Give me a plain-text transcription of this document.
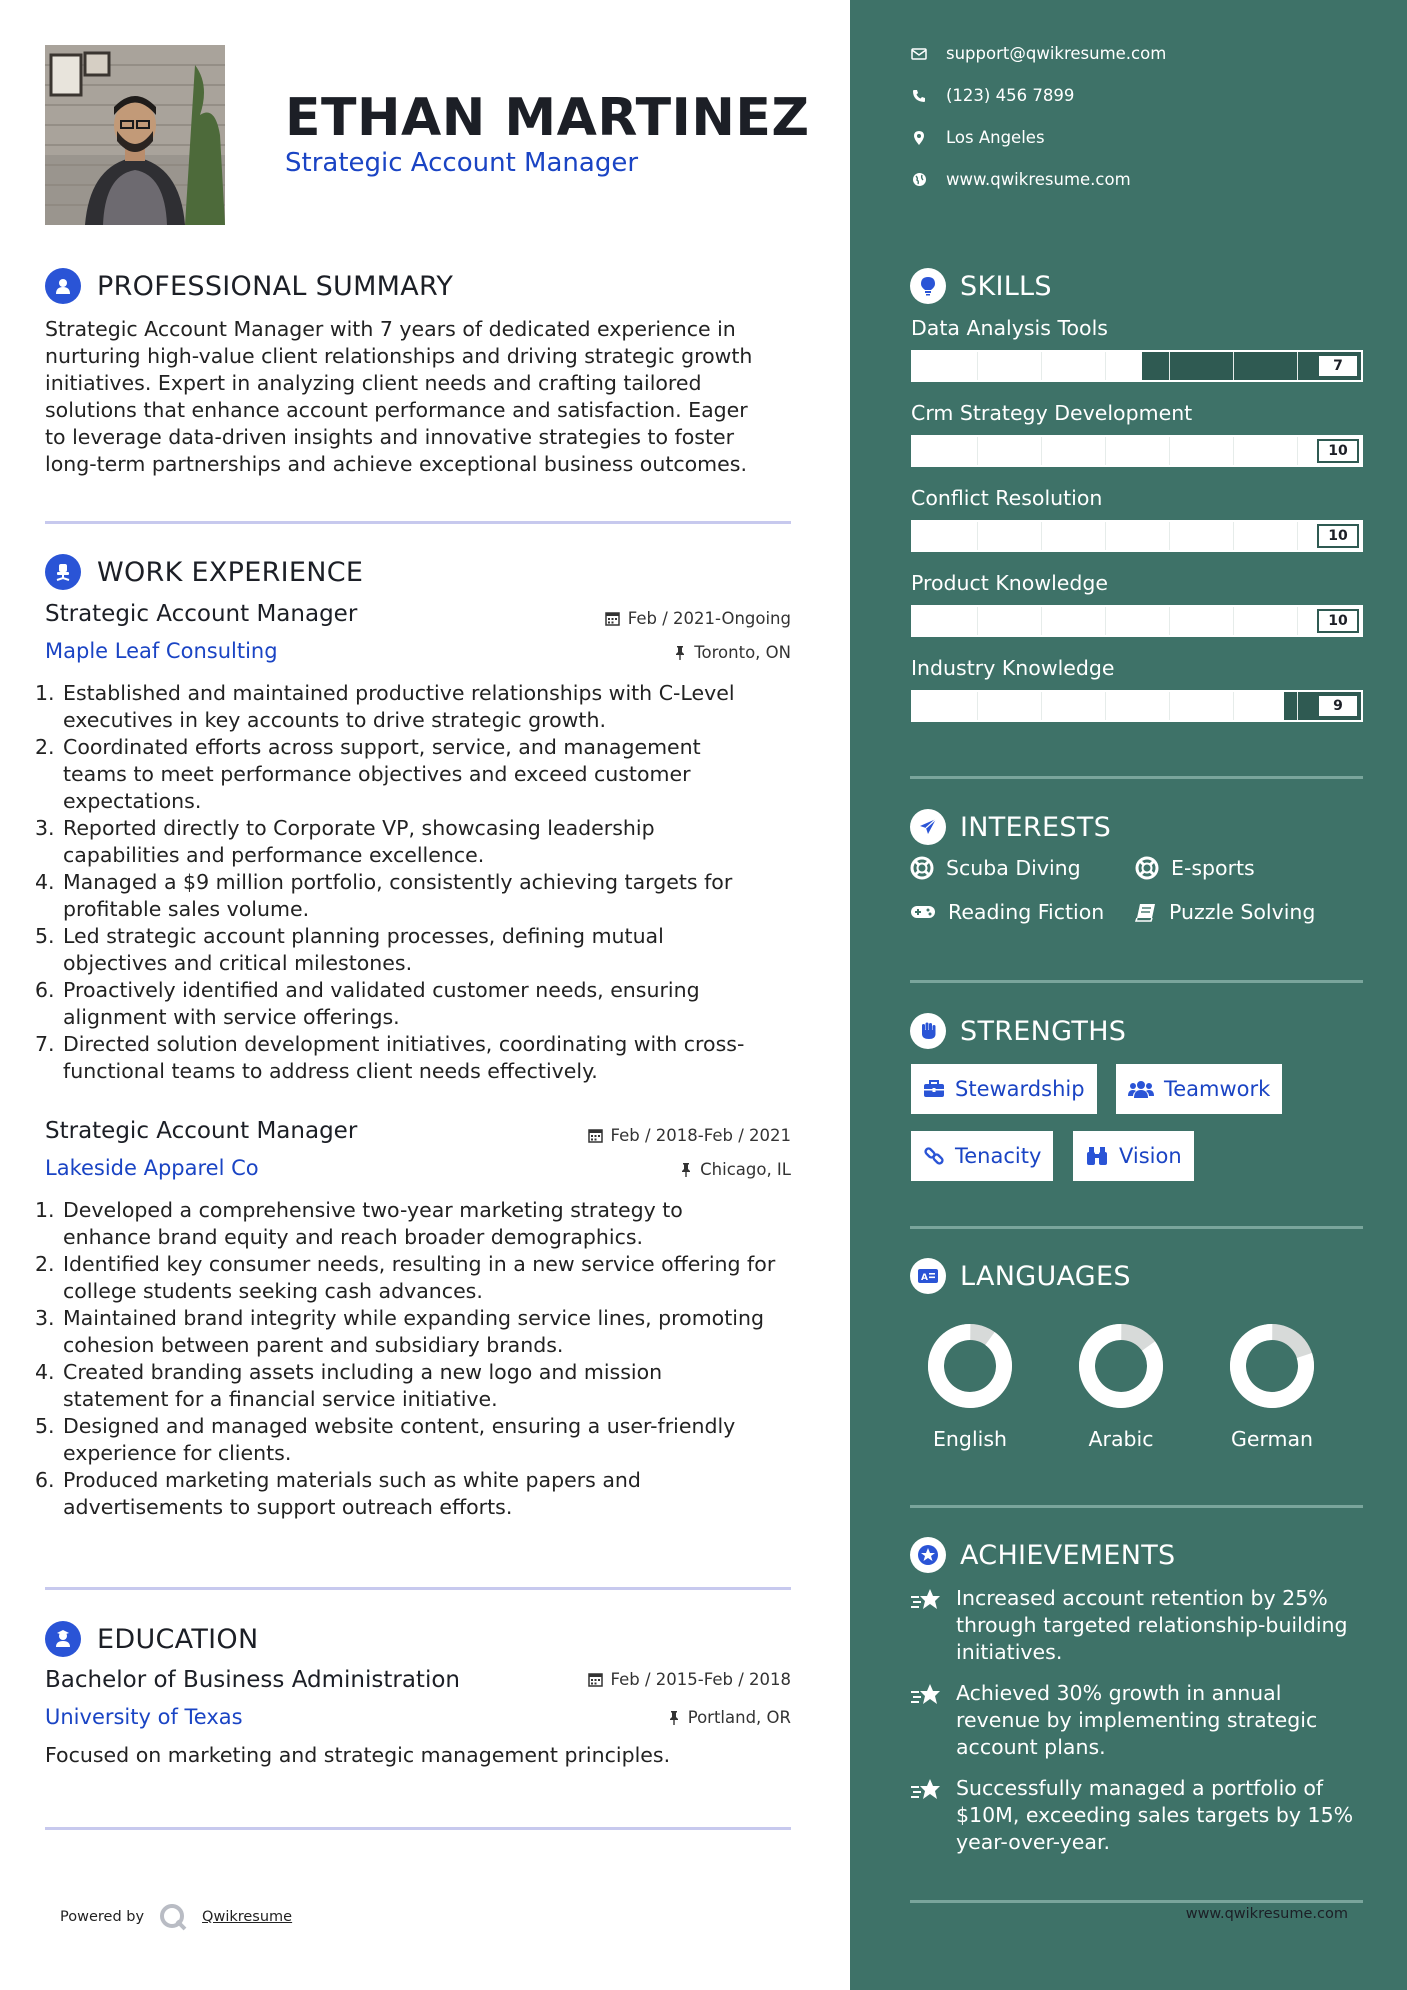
ETHAN MARTINEZ
Strategic Account Manager
PROFESSIONAL SUMMARY
Strategic Account Manager with 7 years of dedicated experience in
nurturing high-value client relationships and driving strategic growth
initiatives. Expert in analyzing client needs and crafting tailored
solutions that enhance account performance and satisfaction. Eager
to leverage data-driven insights and innovative strategies to foster
long-term partnerships and achieve exceptional business outcomes.
WORK EXPERIENCE
Strategic Account Manager	Feb / 2021-Ongoing
Maple Leaf Consulting	Toronto, ON
1. Established and maintained productive relationships with C-Level
executives in key accounts to drive strategic growth.
2. Coordinated efforts across support, service, and management
teams to meet performance objectives and exceed customer
expectations.
3. Reported directly to Corporate VP, showcasing leadership
capabilities and performance excellence.
4. Managed a $9 million portfolio, consistently achieving targets for
profitable sales volume.
5. Led strategic account planning processes, defining mutual
objectives and critical milestones.
6. Proactively identified and validated customer needs, ensuring
alignment with service offerings.
7. Directed solution development initiatives, coordinating with cross-
functional teams to address client needs effectively.
Strategic Account Manager	Feb / 2018-Feb / 2021
Lakeside Apparel Co	Chicago, IL
1. Developed a comprehensive two-year marketing strategy to
enhance brand equity and reach broader demographics.
2. Identified key consumer needs, resulting in a new service offering for
college students seeking cash advances.
3. Maintained brand integrity while expanding service lines, promoting
cohesion between parent and subsidiary brands.
4. Created branding assets including a new logo and mission
statement for a financial service initiative.
5. Designed and managed website content, ensuring a user-friendly
experience for clients.
6. Produced marketing materials such as white papers and
advertisements to support outreach efforts.
EDUCATION
Bachelor of Business Administration	Feb / 2015-Feb / 2018
University of Texas	Portland, OR
Focused on marketing and strategic management principles.
Powered by	Qwikresume
support@qwikresume.com
(123) 456 7899
Los Angeles
www.qwikresume.com
SKILLS
INTERESTS
Scuba Diving	E-sports
Reading Fiction	Puzzle Solving
STRENGTHS
Stewardship	Teamwork
Tenacity	Vision
A LANGUAGES
ACHIEVEMENTS
Increased account retention by 25%
through targeted relationship-building
initiatives.
Achieved 30% growth in annual
revenue by implementing strategic
account plans.
Successfully managed a portfolio of
$10M, exceeding sales targets by 15%
year-over-year.
www.qwikresume.com
Data Analysis Tools
7
Crm Strategy Development
10
Conflict Resolution
10
Product Knowledge
10
Industry Knowledge
9
English	Arabic	German
